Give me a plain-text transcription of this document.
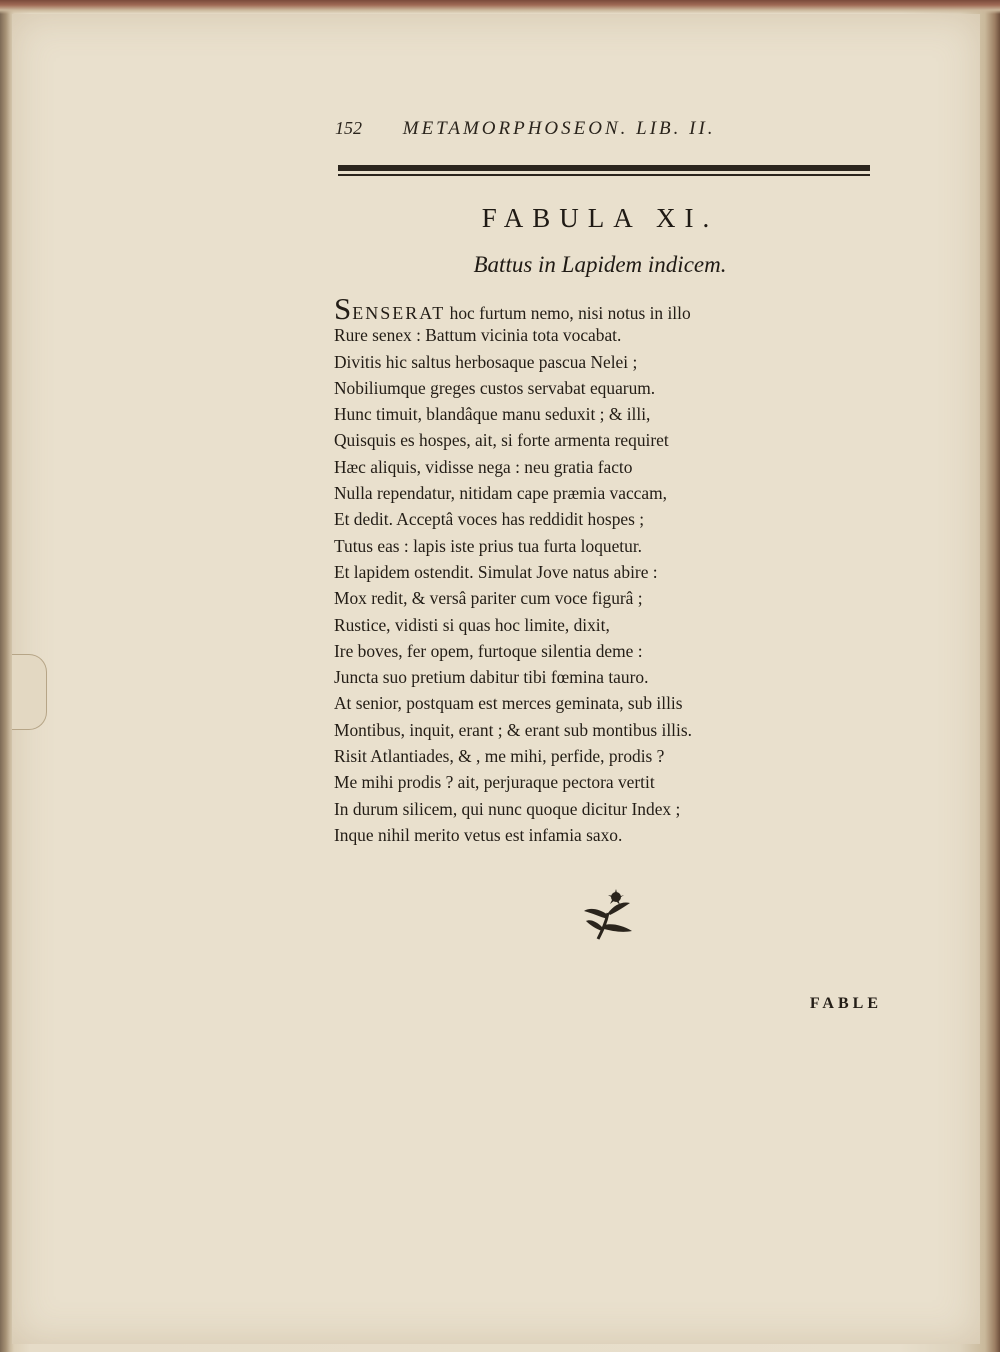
152 METAMORPHOSEON. LIB. II.
FABULA XI.
Battus in Lapidem indicem.
SENSERAT hoc furtum nemo, nisi notus in illo
Rure senex : Battum vicinia tota vocabat.
Divitis hic saltus herbosaque pascua Nelei ;
Nobiliumque greges custos servabat equarum.
Hunc timuit, blandâque manu seduxit ; & illi,
Quisquis es hospes, ait, si forte armenta requiret
Hæc aliquis, vidisse nega : neu gratia facto
Nulla rependatur, nitidam cape præmia vaccam,
Et dedit. Acceptâ voces has reddidit hospes ;
Tutus eas : lapis iste prius tua furta loquetur.
Et lapidem ostendit. Simulat Jove natus abire :
Mox redit, & versâ pariter cum voce figurâ ;
Rustice, vidisti si quas hoc limite, dixit,
Ire boves, fer opem, furtoque silentia deme :
Juncta suo pretium dabitur tibi fœmina tauro.
At senior, postquam est merces geminata, sub illis
Montibus, inquit, erant ; & erant sub montibus illis.
Risit Atlantiades, & , me mihi, perfide, prodis ?
Me mihi prodis ? ait, perjuraque pectora vertit
In durum silicem, qui nunc quoque dicitur Index ;
Inque nihil merito vetus est infamia saxo.
FABLE
